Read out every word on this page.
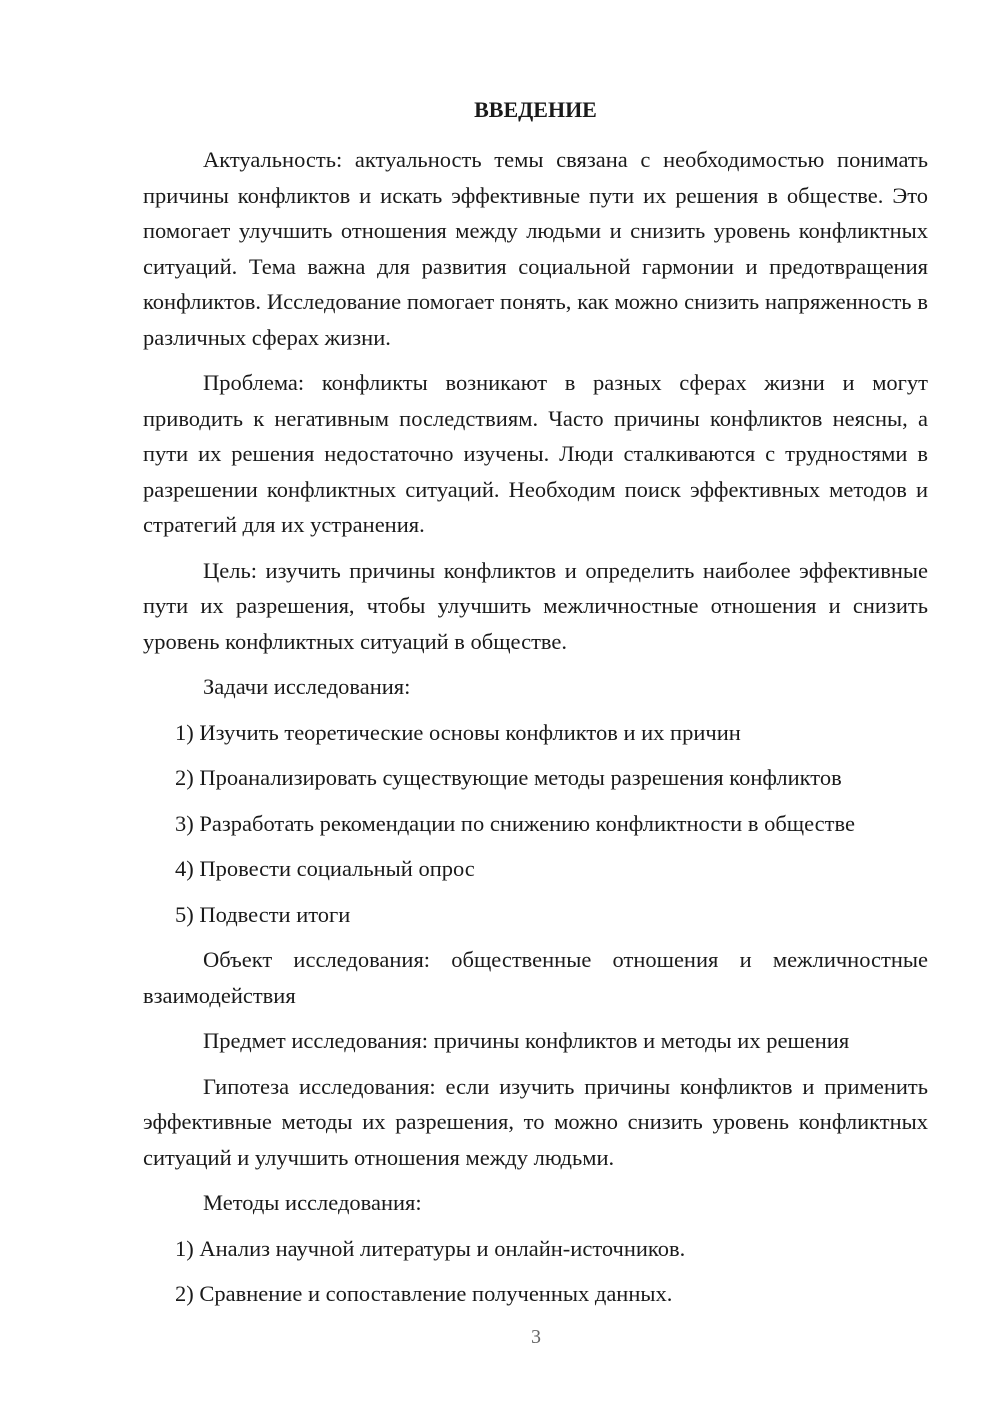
ВВЕДЕНИЕ

Актуальность: актуальность темы связана с необходимостью понимать причины конфликтов и искать эффективные пути их решения в обществе. Это помогает улучшить отношения между людьми и снизить уровень конфликтных ситуаций. Тема важна для развития социальной гармонии и предотвращения конфликтов. Исследование помогает понять, как можно снизить напряженность в различных сферах жизни.

Проблема: конфликты возникают в разных сферах жизни и могут приводить к негативным последствиям. Часто причины конфликтов неясны, а пути их решения недостаточно изучены. Люди сталкиваются с трудностями в разрешении конфликтных ситуаций. Необходим поиск эффективных методов и стратегий для их устранения.

Цель: изучить причины конфликтов и определить наиболее эффективные пути их разрешения, чтобы улучшить межличностные отношения и снизить уровень конфликтных ситуаций в обществе.

Задачи исследования:

1) Изучить теоретические основы конфликтов и их причин

2) Проанализировать существующие методы разрешения конфликтов

3) Разработать рекомендации по снижению конфликтности в обществе

4) Провести социальный опрос

5) Подвести итоги

Объект исследования: общественные отношения и межличностные взаимодействия

Предмет исследования: причины конфликтов и методы их решения

Гипотеза исследования: если изучить причины конфликтов и применить эффективные методы их разрешения, то можно снизить уровень конфликтных ситуаций и улучшить отношения между людьми.

Методы исследования:

1) Анализ научной литературы и онлайн-источников.

2) Сравнение и сопоставление полученных данных.

3
